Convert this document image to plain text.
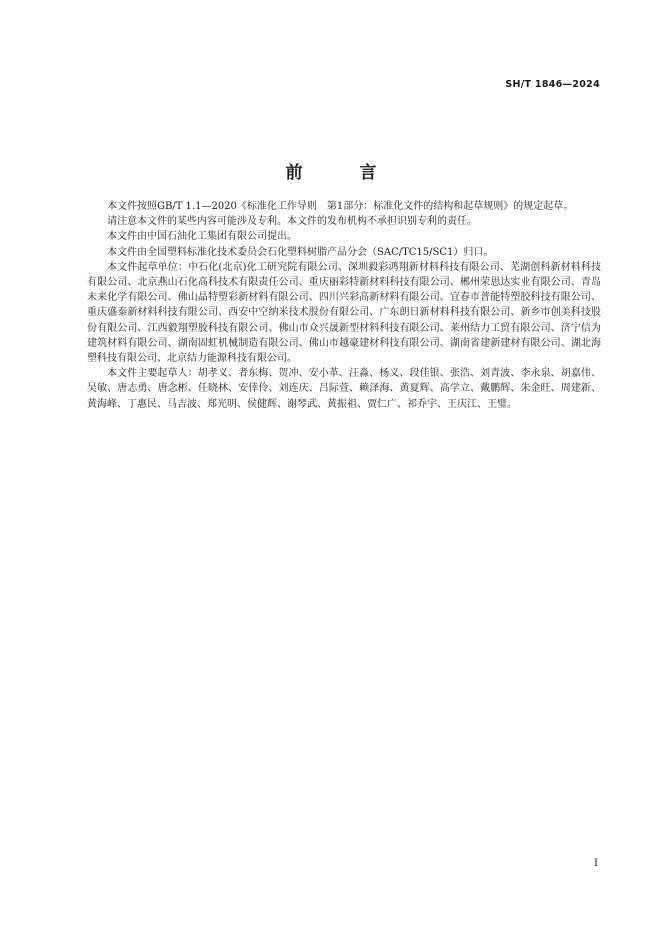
SH/T 1846—2024
前　言

本文件按照GB/T 1.1—2020《标准化工作导则　第1部分：标准化文件的结构和起草规则》的规定起草。

请注意本文件的某些内容可能涉及专利。本文件的发布机构不承担识别专利的责任。

本文件由中国石油化工集团有限公司提出。

本文件由全国塑料标准化技术委员会石化塑料树脂产品分会（SAC/TC15/SC1）归口。

本文件起草单位：中石化(北京)化工研究院有限公司、深圳毅彩鸿翔新材料科技有限公司、芜湖创科新材料科技有限公司、北京燕山石化高科技术有限责任公司、重庆丽彩特新材料科技有限公司、郴州荣思达实业有限公司、青岛未来化学有限公司、佛山晶特塑彩新材料有限公司、四川兴彩高新材料有限公司、宜春市普能特塑胶科技有限公司、重庆盛泰新材料科技有限公司、西安中空纳米技术股份有限公司、广东朗日新材料科技有限公司、新乡市创美科技股份有限公司、江西毅翔塑胶科技有限公司、佛山市众兴晟新型材料科技有限公司、莱州结力工贸有限公司、济宁信为建筑材料有限公司、湖南固虹机械制造有限公司、佛山市越豪建材科技有限公司、湖南省建新建材有限公司、湖北海塑科技有限公司、北京结力能源科技有限公司。

本文件主要起草人：胡孝义、者东梅、贺冲、安小革、汪淼、杨义、段佳银、张浩、刘青波、李永泉、胡嘉伟、吴敏、唐志勇、唐念彬、任晓林、安倖伶、刘连庆、吕际萱、赖泽海、黄夏辉、高学立、戴鹏辉、朱金旺、周建新、黄海峰、丁惠民、马吉波、郑光明、侯健辉、谢琴武、黄振祖、贾仁广、祁乔宇、王庆江、王璧。

I
